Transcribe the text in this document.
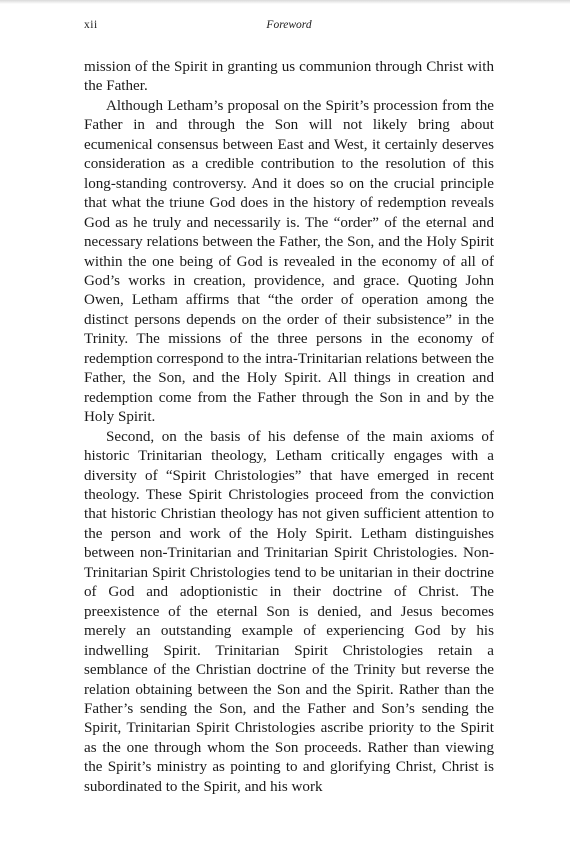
xii	Foreword

mission of the Spirit in granting us communion through Christ with the Father.

Although Letham’s proposal on the Spirit’s procession from the Father in and through the Son will not likely bring about ecumenical consensus between East and West, it certainly deserves consideration as a credible contribution to the resolution of this long-standing controversy. And it does so on the crucial principle that what the triune God does in the history of redemption reveals God as he truly and necessarily is. The “order” of the eternal and necessary relations between the Father, the Son, and the Holy Spirit within the one being of God is revealed in the economy of all of God’s works in creation, providence, and grace. Quoting John Owen, Letham affirms that “the order of operation among the distinct persons depends on the order of their subsistence” in the Trinity. The missions of the three persons in the economy of redemption correspond to the intra-Trinitarian relations between the Father, the Son, and the Holy Spirit. All things in creation and redemption come from the Father through the Son in and by the Holy Spirit.

Second, on the basis of his defense of the main axioms of historic Trinitarian theology, Letham critically engages with a diversity of “Spirit Christologies” that have emerged in recent theology. These Spirit Christologies proceed from the conviction that historic Christian theology has not given sufficient attention to the person and work of the Holy Spirit. Letham distinguishes between non-Trinitarian and Trinitarian Spirit Christologies. Non-Trinitarian Spirit Christologies tend to be unitarian in their doctrine of God and adoptionistic in their doctrine of Christ. The preexistence of the eternal Son is denied, and Jesus becomes merely an outstanding example of experiencing God by his indwelling Spirit. Trinitarian Spirit Christologies retain a semblance of the Christian doctrine of the Trinity but reverse the relation obtaining between the Son and the Spirit. Rather than the Father’s sending the Son, and the Father and Son’s sending the Spirit, Trinitarian Spirit Christologies ascribe priority to the Spirit as the one through whom the Son proceeds. Rather than viewing the Spirit’s ministry as pointing to and glorifying Christ, Christ is subordinated to the Spirit, and his work
